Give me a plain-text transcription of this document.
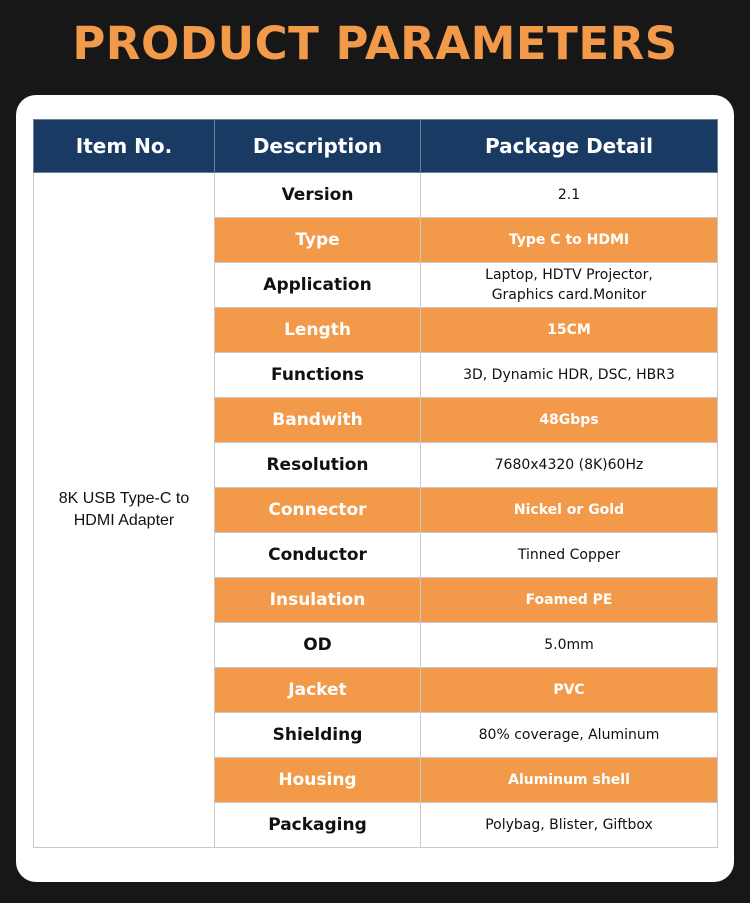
PRODUCT PARAMETERS
Item No.	Description	Package Detail
8K USB Type-C to HDMI Adapter	Version	2.1
	Type	Type C to HDMI
	Application	Laptop, HDTV Projector,
Graphics card.Monitor

	Length	15CM
	Functions	3D, Dynamic HDR, DSC, HBR3
	Bandwith	48Gbps
	Resolution	7680x4320 (8K)60Hz
	Connector	Nickel or Gold
	Conductor	Tinned Copper
	Insulation	Foamed PE
	OD	5.0mm
	Jacket	PVC
	Shielding	80% coverage, Aluminum
	Housing	Aluminum shell
	Packaging	Polybag, Blister, Giftbox
